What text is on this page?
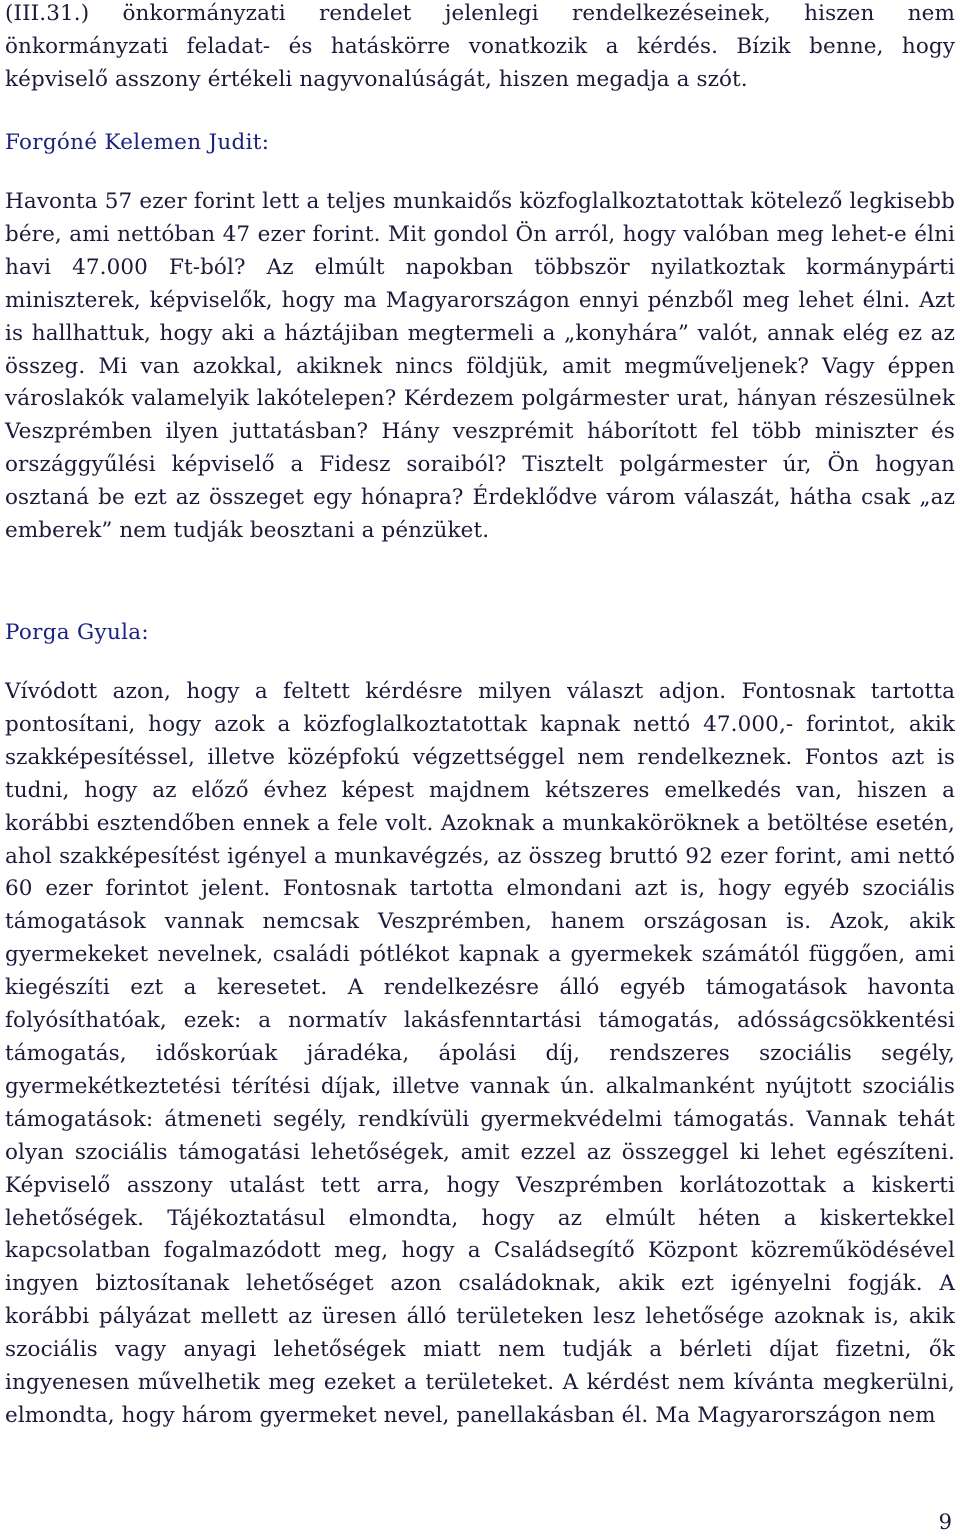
(III.31.) önkormányzati rendelet jelenlegi rendelkezéseinek, hiszen nem önkormányzati feladat- és hatáskörre vonatkozik a kérdés. Bízik benne, hogy képviselő asszony értékeli nagyvonalúságát, hiszen megadja a szót.

Forgóné Kelemen Judit:

Havonta 57 ezer forint lett a teljes munkaidős közfoglalkoztatottak kötelező legkisebb bére, ami nettóban 47 ezer forint. Mit gondol Ön arról, hogy valóban meg lehet-e élni havi 47.000 Ft-ból? Az elmúlt napokban többször nyilatkoztak kormánypárti miniszterek, képviselők, hogy ma Magyarországon ennyi pénzből meg lehet élni. Azt is hallhattuk, hogy aki a háztájiban megtermeli a „konyhára” valót, annak elég ez az összeg. Mi van azokkal, akiknek nincs földjük, amit megműveljenek? Vagy éppen városlakók valamelyik lakótelepen? Kérdezem polgármester urat, hányan részesülnek Veszprémben ilyen juttatásban? Hány veszprémit háborított fel több miniszter és országgyűlési képviselő a Fidesz soraiból? Tisztelt polgármester úr, Ön hogyan osztaná be ezt az összeget egy hónapra? Érdeklődve várom válaszát, hátha csak „az emberek” nem tudják beosztani a pénzüket.

Porga Gyula:

Vívódott azon, hogy a feltett kérdésre milyen választ adjon. Fontosnak tartotta pontosítani, hogy azok a közfoglalkoztatottak kapnak nettó 47.000,- forintot, akik szakképesítéssel, illetve középfokú végzettséggel nem rendelkeznek. Fontos azt is tudni, hogy az előző évhez képest majdnem kétszeres emelkedés van, hiszen a korábbi esztendőben ennek a fele volt. Azoknak a munkaköröknek a betöltése esetén, ahol szakképesítést igényel a munkavégzés, az összeg bruttó 92 ezer forint, ami nettó 60 ezer forintot jelent. Fontosnak tartotta elmondani azt is, hogy egyéb szociális támogatások vannak nemcsak Veszprémben, hanem országosan is. Azok, akik gyermekeket nevelnek, családi pótlékot kapnak a gyermekek számától függően, ami kiegészíti ezt a keresetet. A rendelkezésre álló egyéb támogatások havonta folyósíthatóak, ezek: a normatív lakásfenntartási támogatás, adósságcsökkentési támogatás, időskorúak járadéka, ápolási díj, rendszeres szociális segély, gyermekétkeztetési térítési díjak, illetve vannak ún. alkalmanként nyújtott szociális támogatások: átmeneti segély, rendkívüli gyermekvédelmi támogatás. Vannak tehát olyan szociális támogatási lehetőségek, amit ezzel az összeggel ki lehet egészíteni. Képviselő asszony utalást tett arra, hogy Veszprémben korlátozottak a kiskerti lehetőségek. Tájékoztatásul elmondta, hogy az elmúlt héten a kiskertekkel kapcsolatban fogalmazódott meg, hogy a Családsegítő Központ közreműködésével ingyen biztosítanak lehetőséget azon családoknak, akik ezt igényelni fogják. A korábbi pályázat mellett az üresen álló területeken lesz lehetősége azoknak is, akik szociális vagy anyagi lehetőségek miatt nem tudják a bérleti díjat fizetni, ők ingyenesen művelhetik meg ezeket a területeket. A kérdést nem kívánta megkerülni, elmondta, hogy három gyermeket nevel, panellakásban él. Ma Magyarországon nem

9
